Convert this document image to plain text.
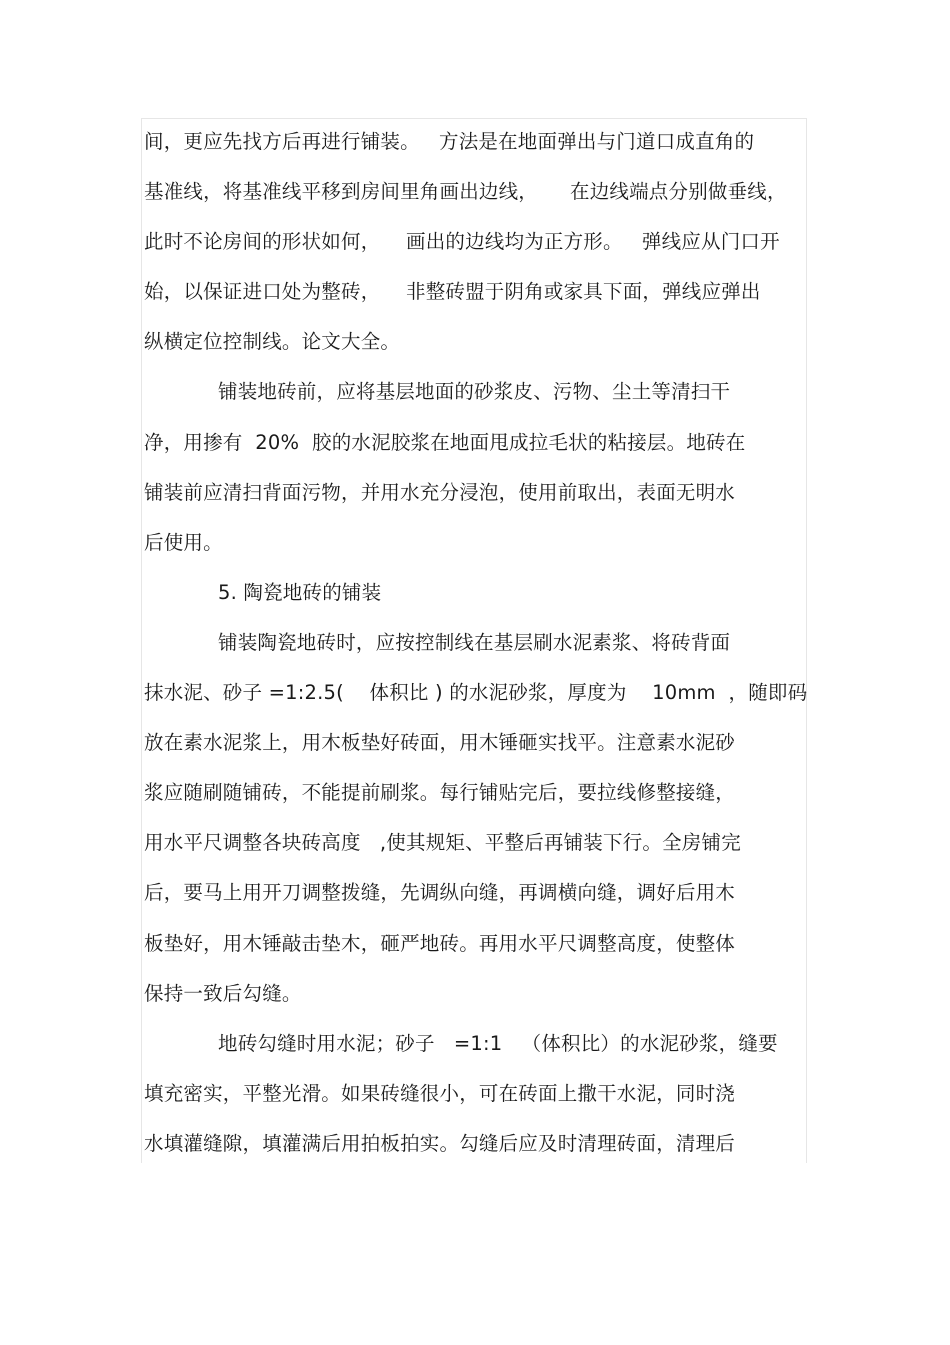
间，更应先找方后再进行铺装。   方法是在地面弹出与门道口成直角的
基准线，将基准线平移到房间里角画出边线，     在边线端点分别做垂线，
此时不论房间的形状如何，    画出的边线均为正方形。   弹线应从门口开
始，以保证进口处为整砖，    非整砖盟于阴角或家具下面，弹线应弹出
纵横定位控制线。论文大全。
铺装地砖前，应将基层地面的砂浆皮、污物、尘土等清扫干
净，用掺有  20%  胶的水泥胶浆在地面甩成拉毛状的粘接层。地砖在
铺装前应清扫背面污物，并用水充分浸泡，使用前取出，表面无明水
后使用。
5. 陶瓷地砖的铺装
铺装陶瓷地砖时，应按控制线在基层刷水泥素浆、将砖背面
抹水泥、砂子 =1:2.5(    体积比 ) 的水泥砂浆，厚度为    10mm  ，随即码
放在素水泥浆上，用木板垫好砖面，用木锤砸实找平。注意素水泥砂
浆应随刷随铺砖，不能提前刷浆。每行铺贴完后，要拉线修整接缝，
用水平尺调整各块砖高度   ,使其规矩、平整后再铺装下行。全房铺完
后，要马上用开刀调整拨缝，先调纵向缝，再调横向缝，调好后用木
板垫好，用木锤敲击垫木，砸严地砖。再用水平尺调整高度，使整体
保持一致后勾缝。
地砖勾缝时用水泥；砂子   =1:1   （体积比）的水泥砂浆，缝要
填充密实，平整光滑。如果砖缝很小，可在砖面上撒干水泥，同时浇
水填灌缝隙，填灌满后用拍板拍实。勾缝后应及时清理砖面，清理后
